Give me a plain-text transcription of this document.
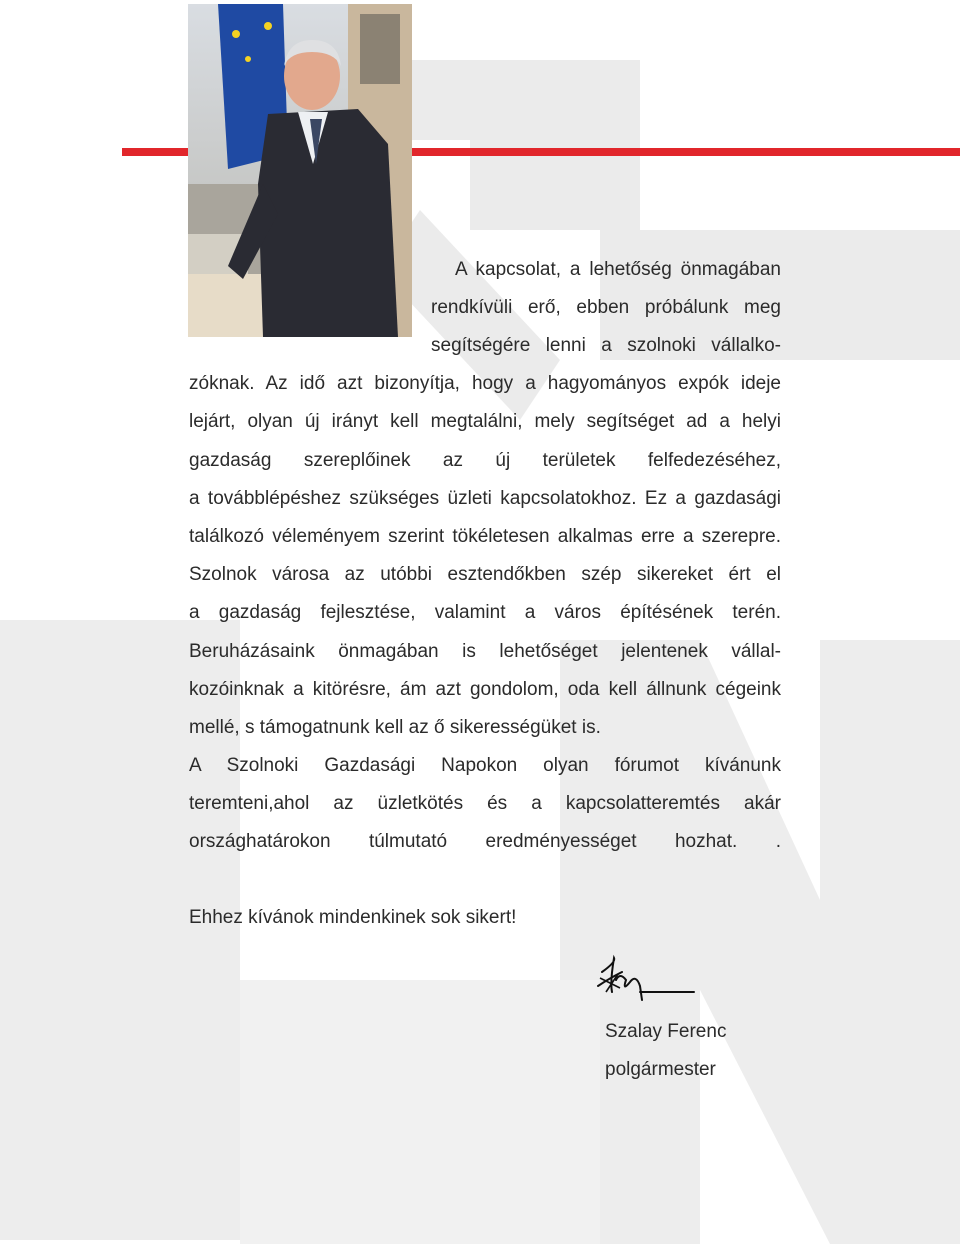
A kapcsolat, a lehetőség önmagában
rendkívüli erő, ebben próbálunk meg
segítségére lenni a szolnoki vállalko-
zóknak. Az idő azt bizonyítja, hogy a hagyományos expók ideje
lejárt, olyan új irányt kell megtalálni, mely segítséget ad a helyi
gazdaság szereplőinek az új területek felfedezéséhez,
a továbblépéshez szükséges üzleti kapcsolatokhoz. Ez a gazdasági
találkozó véleményem szerint tökéletesen alkalmas erre a szerepre.
Szolnok városa az utóbbi esztendőkben szép sikereket ért el
a gazdaság fejlesztése, valamint a város építésének terén.
Beruházásaink önmagában is lehetőséget jelentenek vállal-
kozóinknak a kitörésre, ám azt gondolom, oda kell állnunk cégeink
mellé, s támogatnunk kell az ő sikerességüket is.
A Szolnoki Gazdasági Napokon olyan fórumot kívánunk
teremteni,ahol az üzletkötés és a kapcsolatteremtés akár
országhatárokon túlmutató eredményességet hozhat. .
Ehhez kívánok mindenkinek sok sikert!
Szalay Ferenc
polgármester
